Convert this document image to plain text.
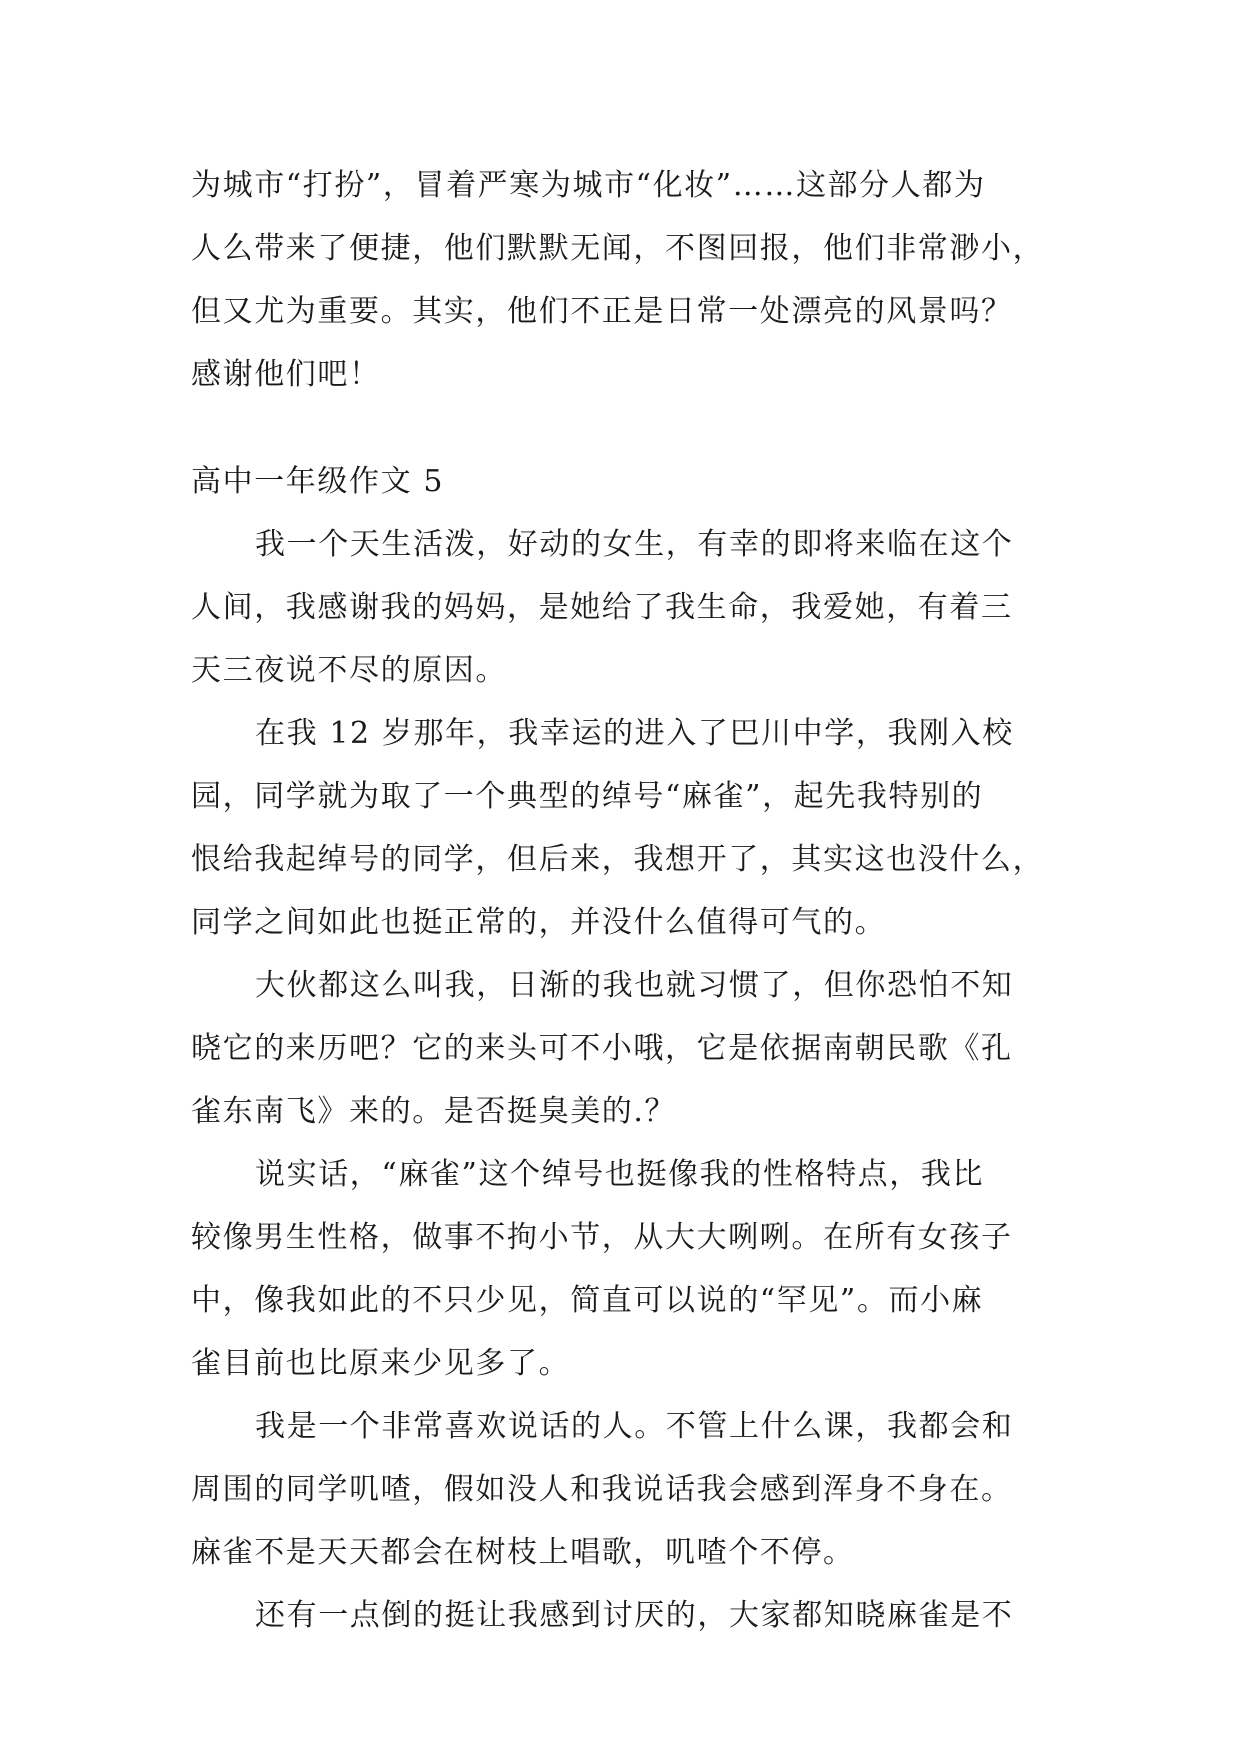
为城市“打扮”，冒着严寒为城市“化妆”……这部分人都为
人么带来了便捷，他们默默无闻，不图回报，他们非常渺小，
但又尤为重要。其实，他们不正是日常一处漂亮的风景吗？
感谢他们吧！
高中一年级作文 5
我一个天生活泼，好动的女生，有幸的即将来临在这个
人间，我感谢我的妈妈，是她给了我生命，我爱她，有着三
天三夜说不尽的原因。
在我 12 岁那年，我幸运的进入了巴川中学，我刚入校
园，同学就为取了一个典型的绰号“麻雀”，起先我特别的
恨给我起绰号的同学，但后来，我想开了，其实这也没什么，
同学之间如此也挺正常的，并没什么值得可气的。
大伙都这么叫我，日渐的我也就习惯了，但你恐怕不知
晓它的来历吧？它的来头可不小哦，它是依据南朝民歌《孔
雀东南飞》来的。是否挺臭美的.？
说实话，“麻雀”这个绰号也挺像我的性格特点，我比
较像男生性格，做事不拘小节，从大大咧咧。在所有女孩子
中，像我如此的不只少见，简直可以说的“罕见”。而小麻
雀目前也比原来少见多了。
我是一个非常喜欢说话的人。不管上什么课，我都会和
周围的同学叽喳，假如没人和我说话我会感到浑身不身在。
麻雀不是天天都会在树枝上唱歌，叽喳个不停。
还有一点倒的挺让我感到讨厌的，大家都知晓麻雀是不
